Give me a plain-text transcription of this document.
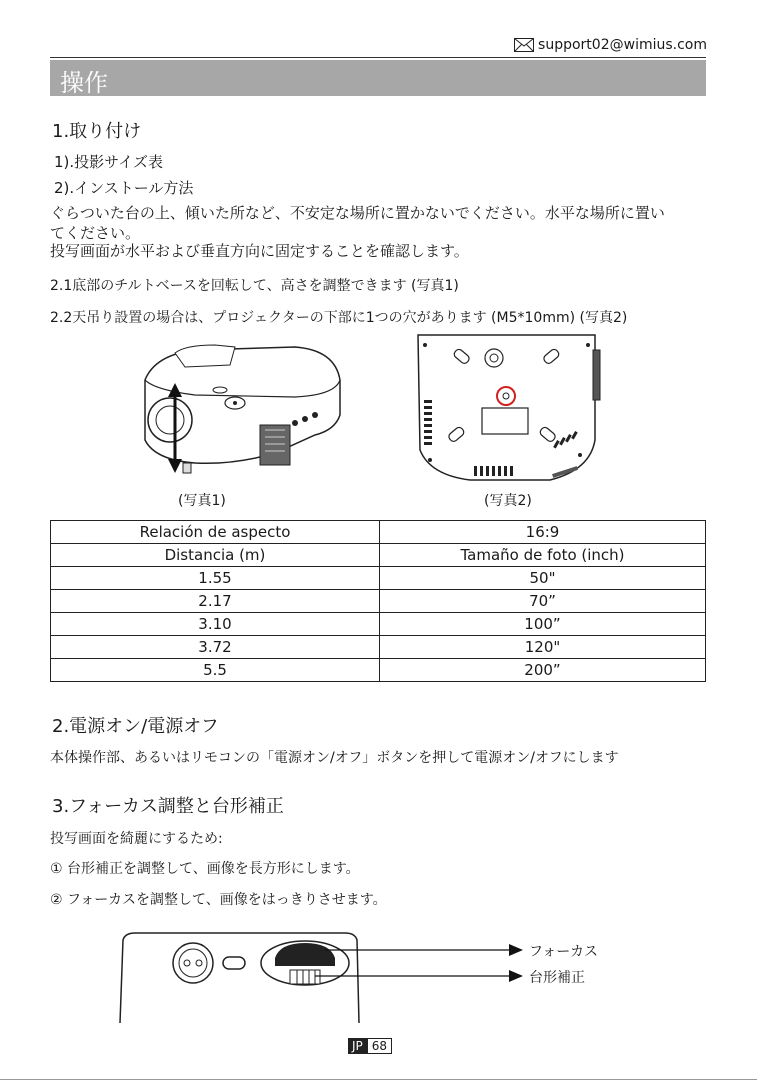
support02@wimius.com
操作
1.取り付け
1).投影サイズ表
2).インストール方法
ぐらついた台の上、傾いた所など、不安定な場所に置かないでください。水平な場所に置い
てください。
投写画面が水平および垂直方向に固定することを確認します。
2.1底部のチルトベースを回転して、高さを調整できます (写真1)
2.2天吊り設置の場合は、プロジェクターの下部に1つの穴があります (M5*10mm) (写真2)
(写真1)	(写真2)
Relación de aspecto	16:9
Distancia (m)	Tamaño de foto (inch)
1.55	50"
2.17	70”
3.10	100”
3.72	120"
5.5	200”
2.電源オン/電源オフ
本体操作部、あるいはリモコンの「電源オン/オフ」ボタンを押して電源オン/オフにします
3.フォーカス調整と台形補正
投写画面を綺麗にするため:
① 台形補正を調整して、画像を長方形にします。
② フォーカスを調整して、画像をはっきりさせます。
フォーカス
台形補正
JP 68
